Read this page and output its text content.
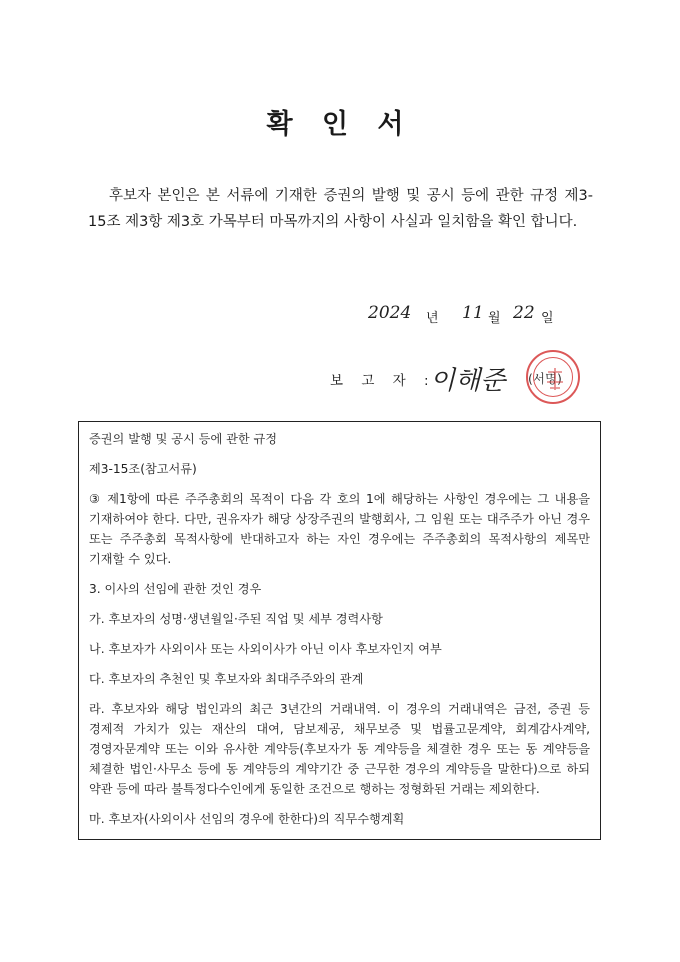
확 인 서
후보자 본인은 본 서류에 기재한 증권의 발행 및 공시 등에 관한 규정 제3-15조 제3항 제3호 가목부터 마목까지의 사항이 사실과 일치함을 확인 합니다.
2024 년 11 월 22 일
보 고 자 : 이해준 (서명)

증권의 발행 및 공시 등에 관한 규정

제3-15조(참고서류)

③ 제1항에 따른 주주총회의 목적이 다음 각 호의 1에 해당하는 사항인 경우에는 그 내용을 기재하여야 한다. 다만, 권유자가 해당 상장주권의 발행회사, 그 임원 또는 대주주가 아닌 경우 또는 주주총회 목적사항에 반대하고자 하는 자인 경우에는 주주총회의 목적사항의 제목만 기재할 수 있다.

3. 이사의 선임에 관한 것인 경우

가. 후보자의 성명·생년월일·주된 직업 및 세부 경력사항

나. 후보자가 사외이사 또는 사외이사가 아닌 이사 후보자인지 여부

다. 후보자의 추천인 및 후보자와 최대주주와의 관계

라. 후보자와 해당 법인과의 최근 3년간의 거래내역. 이 경우의 거래내역은 금전, 증권 등 경제적 가치가 있는 재산의 대여, 담보제공, 채무보증 및 법률고문계약, 회계감사계약, 경영자문계약 또는 이와 유사한 계약등(후보자가 동 계약등을 체결한 경우 또는 동 계약등을 체결한 법인·사무소 등에 동 계약등의 계약기간 중 근무한 경우의 계약등을 말한다)으로 하되 약관 등에 따라 불특정다수인에게 동일한 조건으로 행하는 정형화된 거래는 제외한다.

마. 후보자(사외이사 선임의 경우에 한한다)의 직무수행계획
